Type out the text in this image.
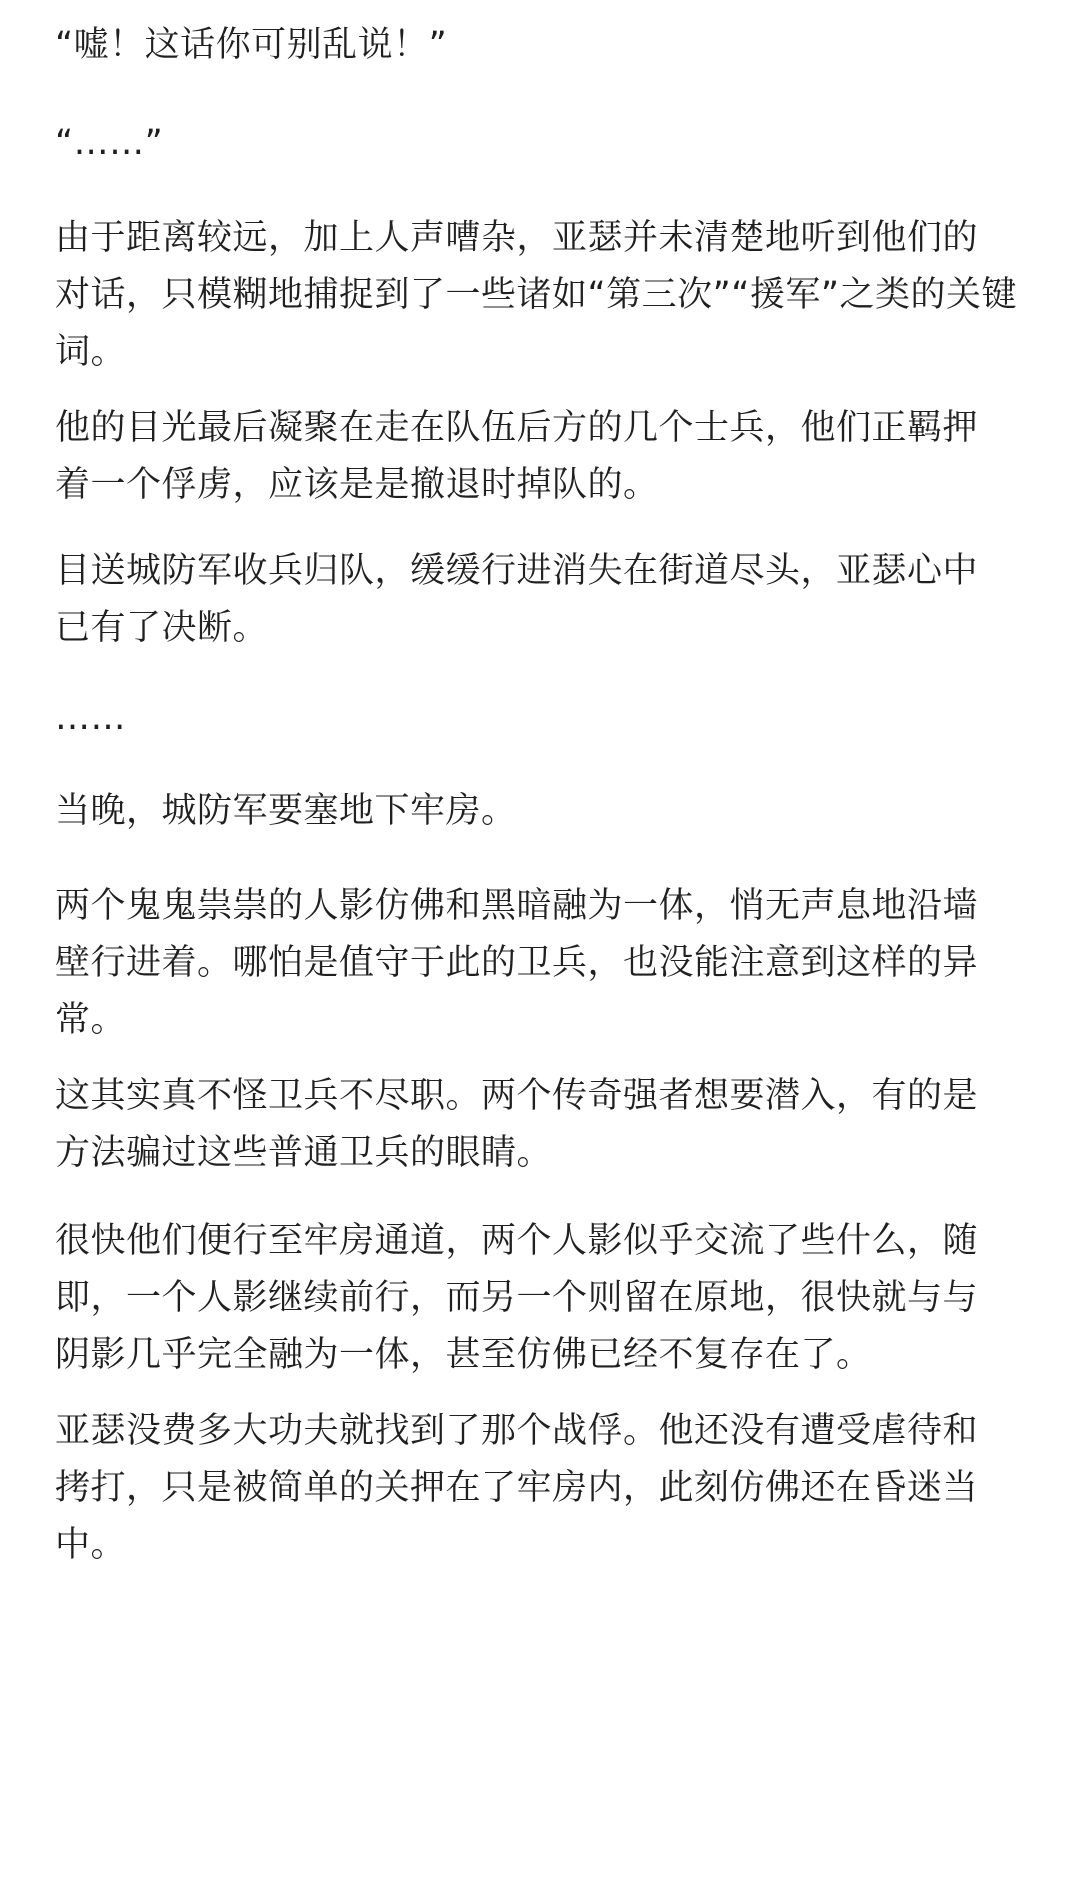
“嘘！这话你可别乱说！”

“……”

由于距离较远，加上人声嘈杂，亚瑟并未清楚地听到他们的
对话，只模糊地捕捉到了一些诸如“第三次”“援军”之类的关键
词。

他的目光最后凝聚在走在队伍后方的几个士兵，他们正羁押
着一个俘虏，应该是是撤退时掉队的。

目送城防军收兵归队，缓缓行进消失在街道尽头，亚瑟心中
已有了决断。

……

当晚，城防军要塞地下牢房。

两个鬼鬼祟祟的人影仿佛和黑暗融为一体，悄无声息地沿墙
壁行进着。哪怕是值守于此的卫兵，也没能注意到这样的异
常。

这其实真不怪卫兵不尽职。两个传奇强者想要潜入，有的是
方法骗过这些普通卫兵的眼睛。

很快他们便行至牢房通道，两个人影似乎交流了些什么，随
即，一个人影继续前行，而另一个则留在原地，很快就与与
阴影几乎完全融为一体，甚至仿佛已经不复存在了。

亚瑟没费多大功夫就找到了那个战俘。他还没有遭受虐待和
拷打，只是被简单的关押在了牢房内，此刻仿佛还在昏迷当
中。
